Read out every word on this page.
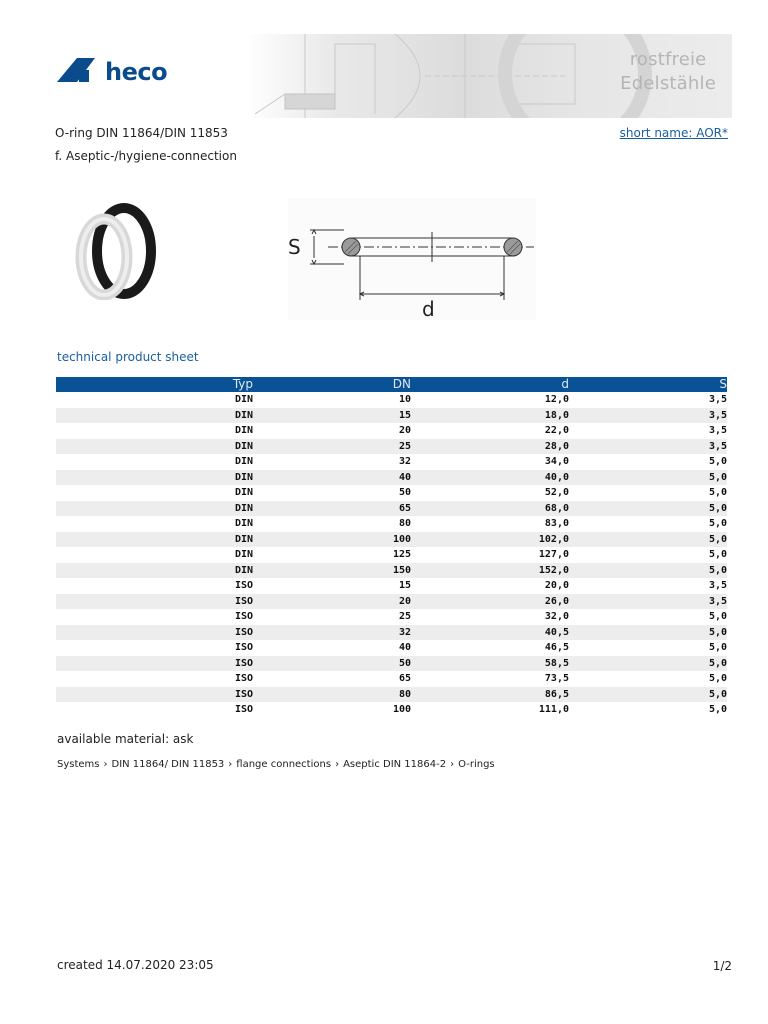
rostfreie
Edelstähle
heco
O-ring DIN 11864/DIN 11853
f. Aseptic-/hygiene-connection
short name: AOR*
S
d
technical product sheet
Typ	DN	d	S
DIN	10	12,0	3,5
DIN	15	18,0	3,5
DIN	20	22,0	3,5
DIN	25	28,0	3,5
DIN	32	34,0	5,0
DIN	40	40,0	5,0
DIN	50	52,0	5,0
DIN	65	68,0	5,0
DIN	80	83,0	5,0
DIN	100	102,0	5,0
DIN	125	127,0	5,0
DIN	150	152,0	5,0
ISO	15	20,0	3,5
ISO	20	26,0	3,5
ISO	25	32,0	5,0
ISO	32	40,5	5,0
ISO	40	46,5	5,0
ISO	50	58,5	5,0
ISO	65	73,5	5,0
ISO	80	86,5	5,0
ISO	100	111,0	5,0
available material: ask
Systems › DIN 11864/ DIN 11853 › flange connections › Aseptic DIN 11864-2 › O-rings
created 14.07.2020 23:05	1/2
